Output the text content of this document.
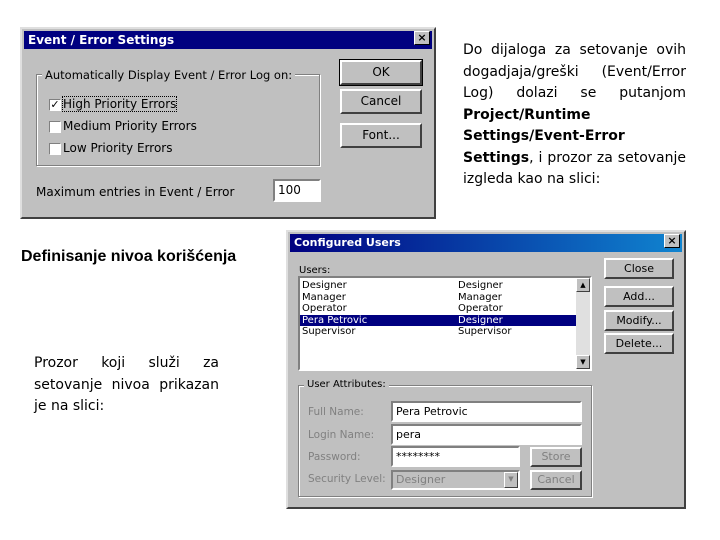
Event / Error Settings	×
Automatically Display Event / Error Log on:
✓ High Priority Errors
Medium Priority Errors
Low Priority Errors
Maximum entries in Event / Error	100
OK
Cancel
Font...
Do dijaloga za setovanje ovih dogadjaja/greški (Event/Error Log) dolazi se putanjom Project/Runtime Settings/Event-Error Settings, i prozor za setovanje izgleda kao na slici:
Definisanje nivoa korišćenja
Prozor koji služi za setovanje nivoa prikazan je na slici:
Configured Users	×
Users:
Designer	Designer
Manager	Manager
Operator	Operator
Pera Petrovic	Designer
Supervisor	Supervisor
▲
▼
Close
Add...
Modify...
Delete...
User Attributes:
Full Name:	Pera Petrovic
Login Name:	pera
Password:	********
Security Level: Designer	▼
Store
Cancel
